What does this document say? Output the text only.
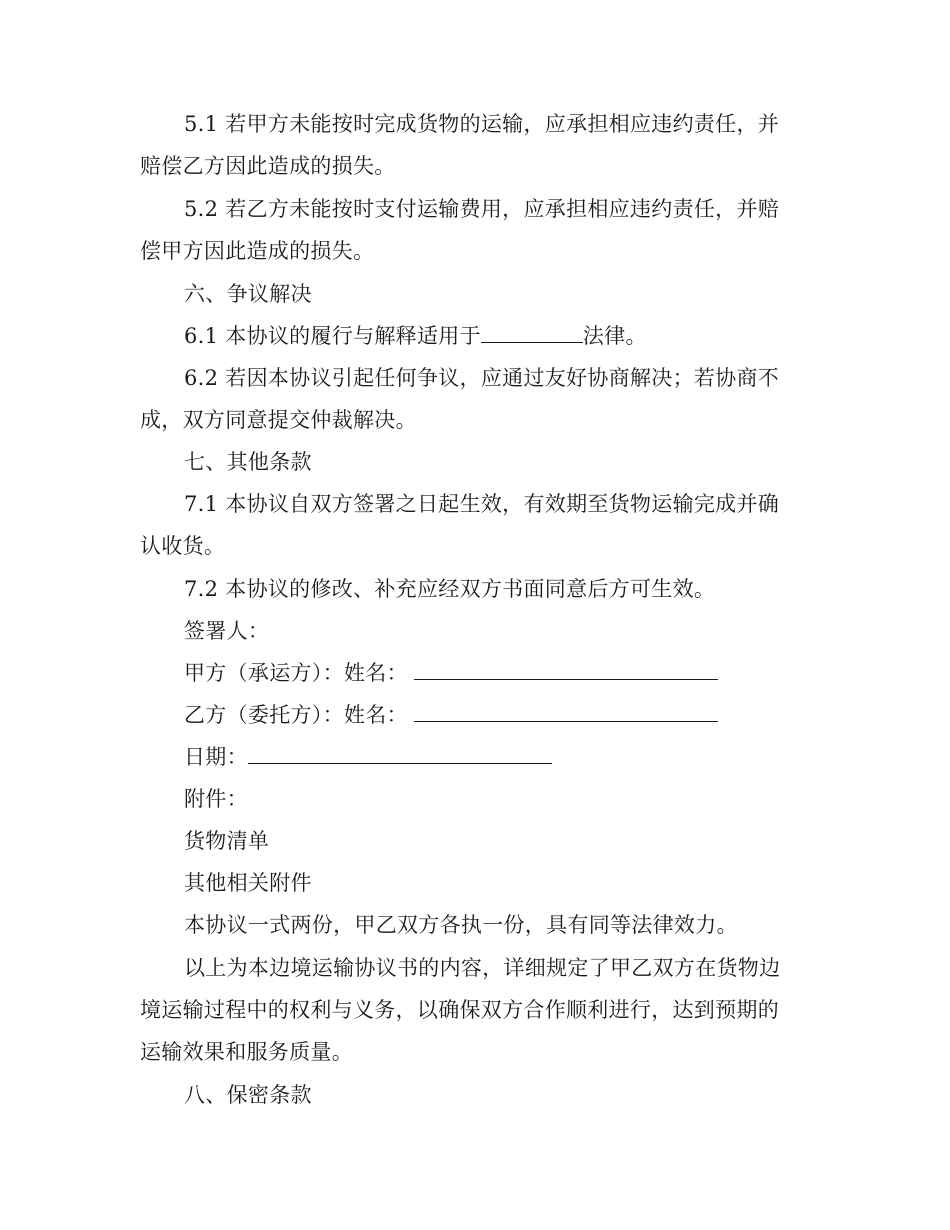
5.1 若甲方未能按时完成货物的运输，应承担相应违约责任，并
赔偿乙方因此造成的损失。
5.2 若乙方未能按时支付运输费用，应承担相应违约责任，并赔
偿甲方因此造成的损失。
六、争议解决
6.1 本协议的履行与解释适用于	法律。
6.2 若因本协议引起任何争议，应通过友好协商解决；若协商不
成，双方同意提交仲裁解决。
七、其他条款
7.1 本协议自双方签署之日起生效，有效期至货物运输完成并确
认收货。
7.2 本协议的修改、补充应经双方书面同意后方可生效。
签署人：
甲方（承运方）：姓名：
乙方（委托方）：姓名：
日期：
附件：
货物清单
其他相关附件
本协议一式两份，甲乙双方各执一份，具有同等法律效力。
以上为本边境运输协议书的内容，详细规定了甲乙双方在货物边
境运输过程中的权利与义务，以确保双方合作顺利进行，达到预期的
运输效果和服务质量。
八、保密条款
